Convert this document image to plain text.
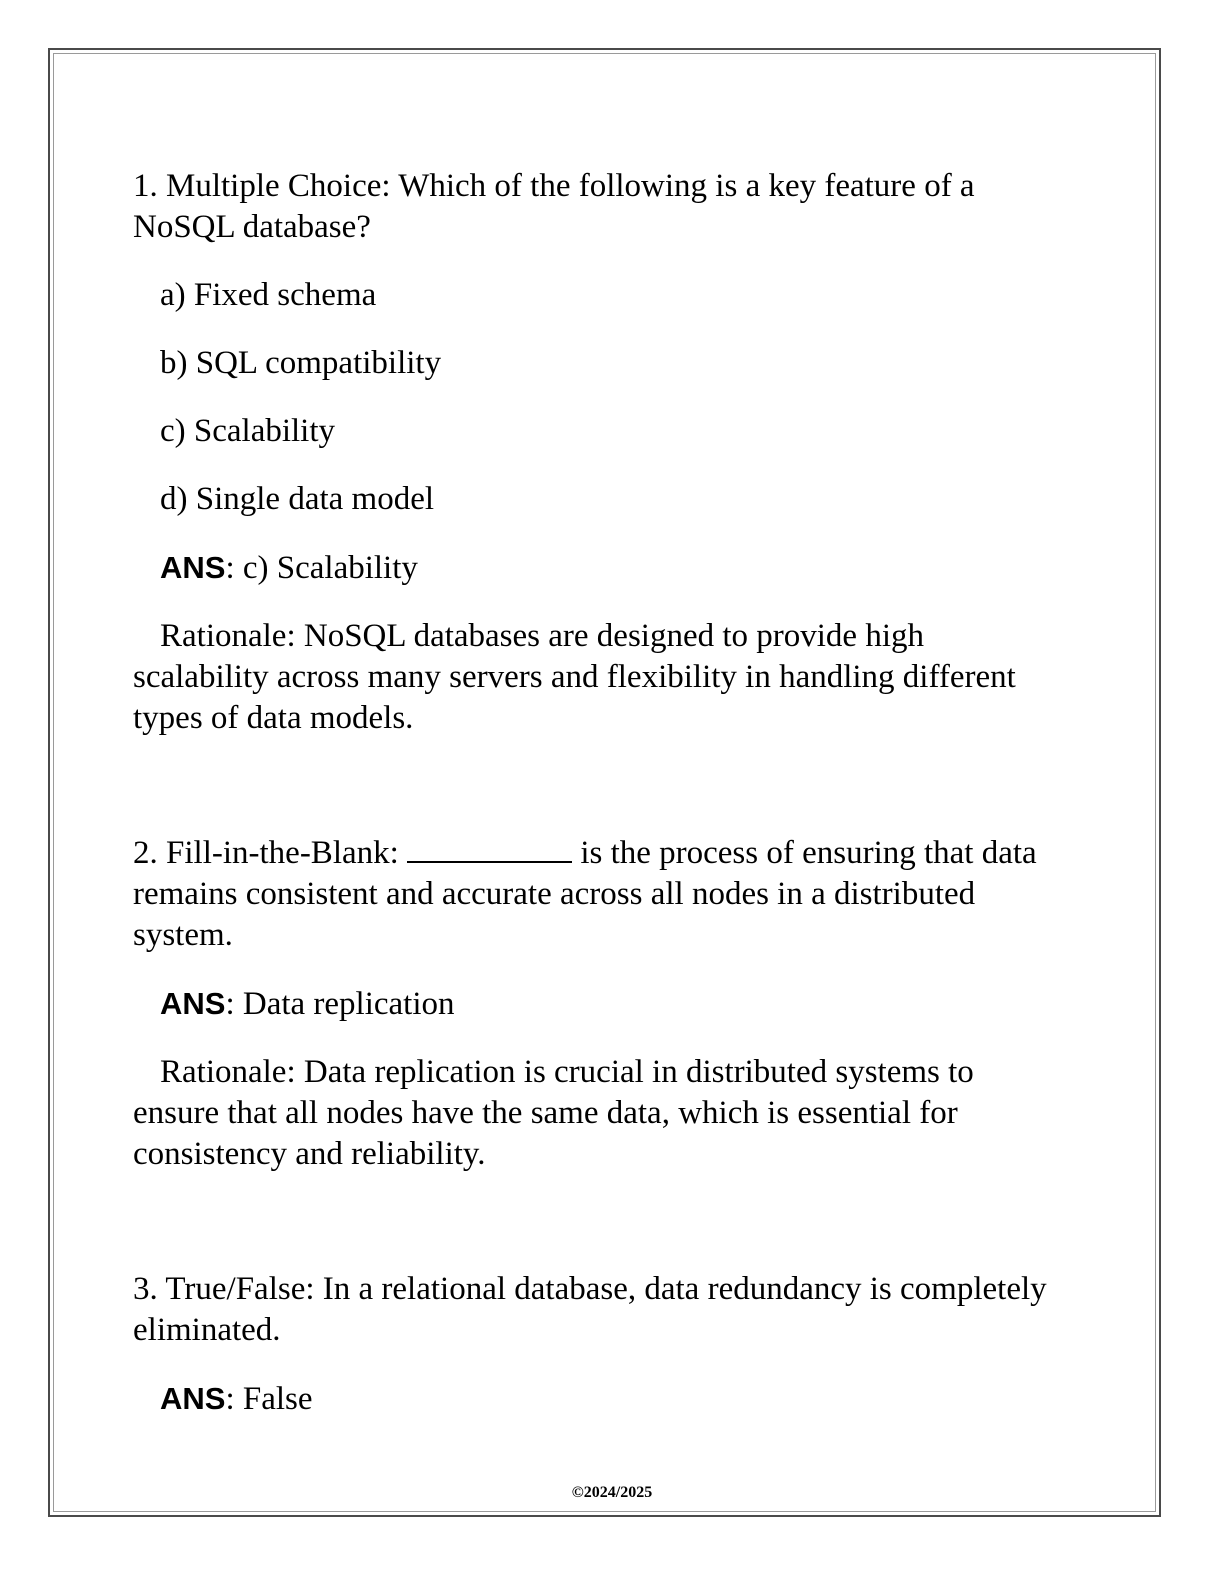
1. Multiple Choice: Which of the following is a key feature of a NoSQL database?

a) Fixed schema

b) SQL compatibility

c) Scalability

d) Single data model

ANS: c) Scalability

Rationale: NoSQL databases are designed to provide high scalability across many servers and flexibility in handling different types of data models.

2. Fill-in-the-Blank:	is the process of ensuring that data remains consistent and accurate across all nodes in a distributed system.

ANS: Data replication

Rationale: Data replication is crucial in distributed systems to ensure that all nodes have the same data, which is essential for consistency and reliability.

3. True/False: In a relational database, data redundancy is completely eliminated.

ANS: False

©2024/2025
